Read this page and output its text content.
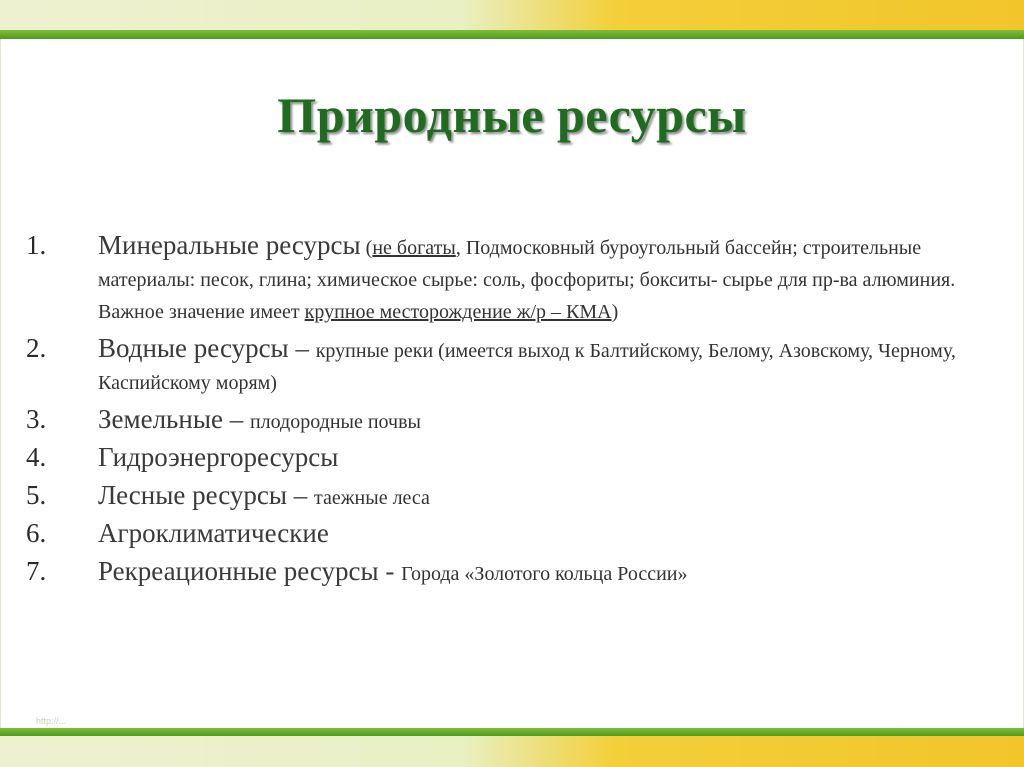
Природные ресурсы
1. Минеральные ресурсы (не богаты, Подмосковный буроугольный бассейн; строительные материалы: песок, глина; химическое сырье: соль, фосфориты; бокситы- сырье для пр-ва алюминия. Важное значение имеет крупное месторождение ж/р – КМА)
2. Водные ресурсы – крупные реки (имеется выход к Балтийскому, Белому, Азовскому, Черному, Каспийскому морям)
3. Земельные – плодородные почвы
4. Гидроэнергоресурсы
5. Лесные ресурсы – таежные леса
6. Агроклиматические
7. Рекреационные ресурсы - Города «Золотого кольца России»
http://...
